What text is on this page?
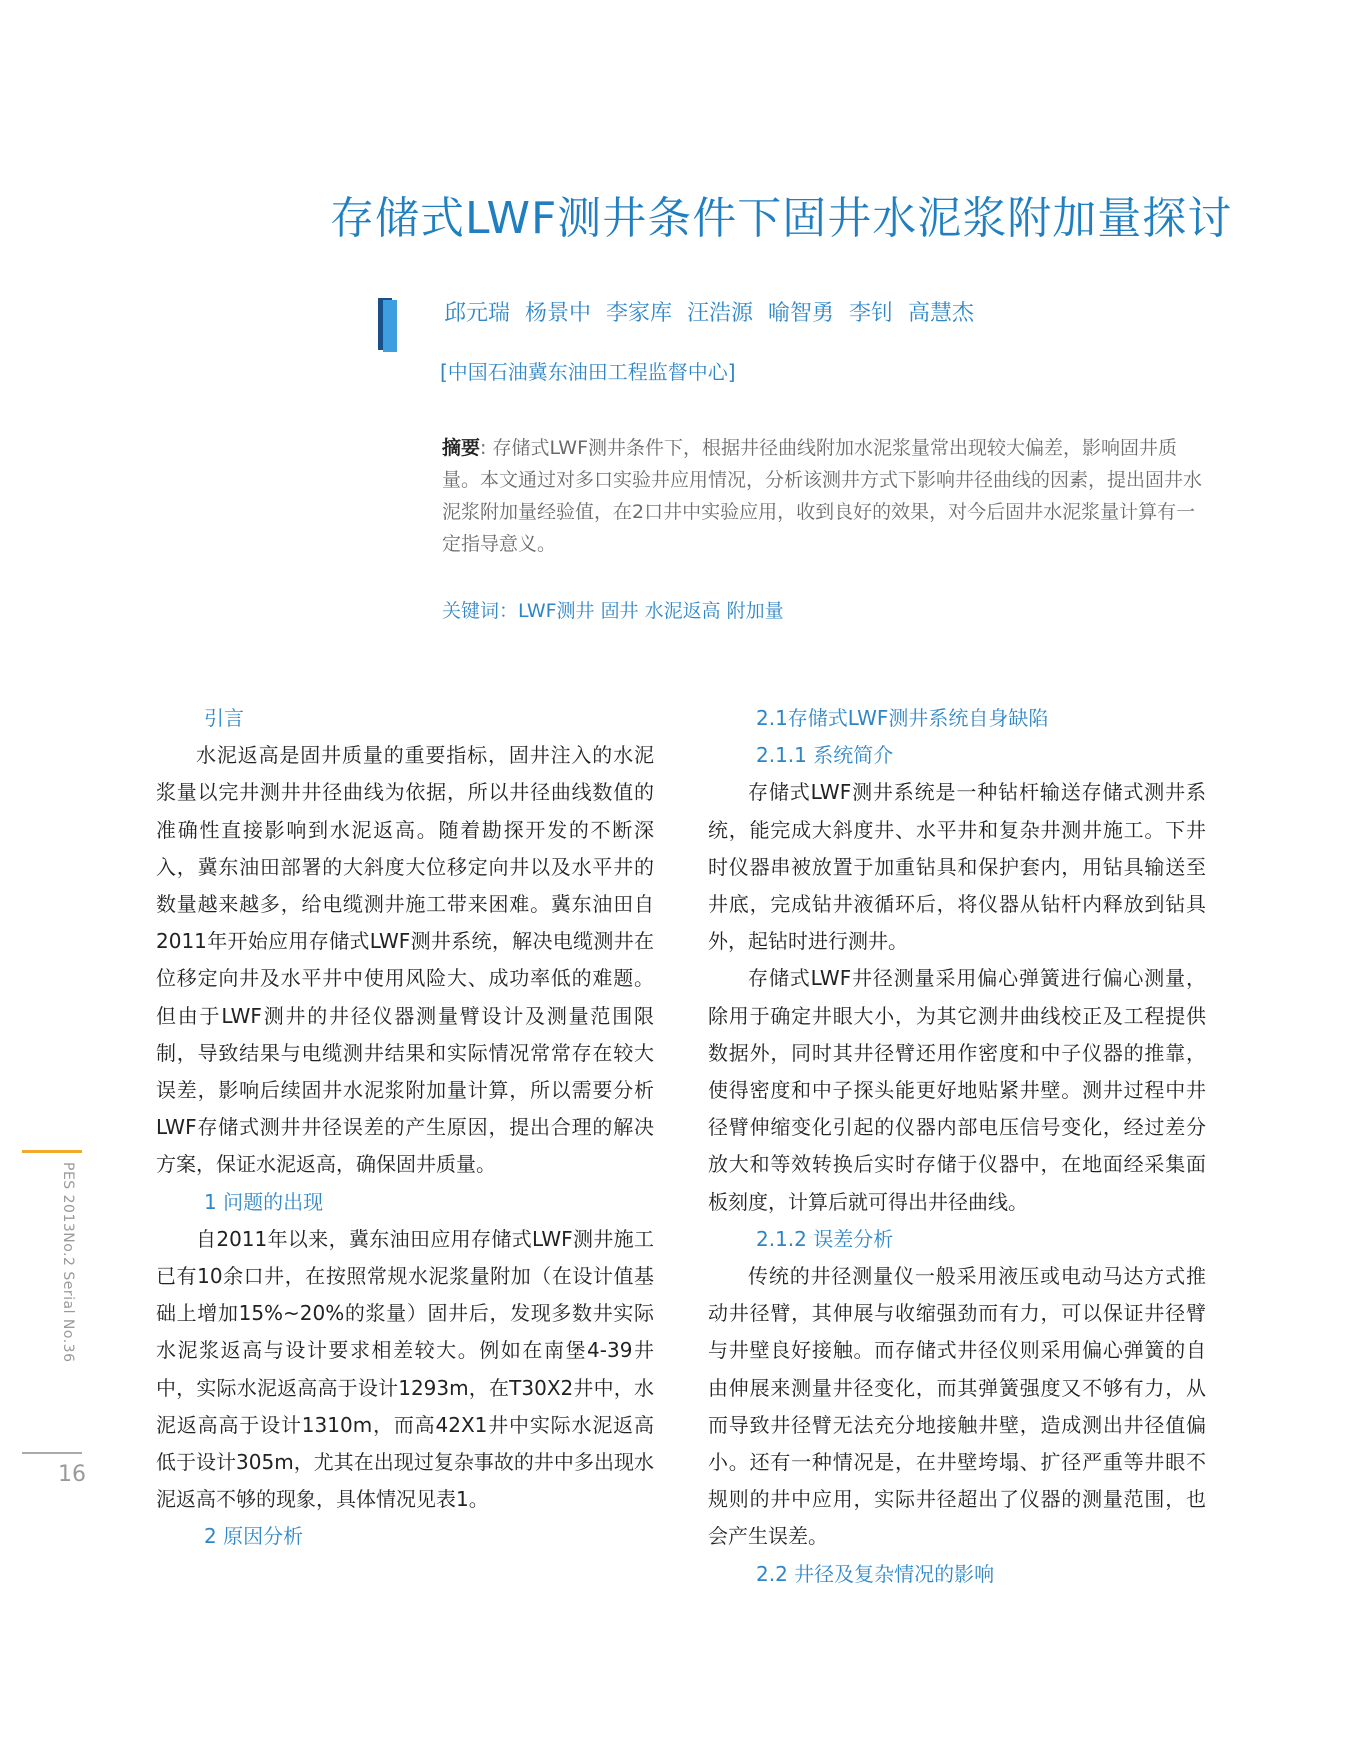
存储式LWF测井条件下固井水泥浆附加量探讨
邱元瑞 杨景中 李家库 汪浩源 喻智勇 李钊 高慧杰
[中国石油冀东油田工程监督中心]
摘要: 存储式LWF测井条件下，根据井径曲线附加水泥浆量常出现较大偏差，影响固井质量。本文通过对多口实验井应用情况，分析该测井方式下影响井径曲线的因素，提出固井水泥浆附加量经验值，在2口井中实验应用，收到良好的效果，对今后固井水泥浆量计算有一定指导意义。
关键词：LWF测井 固井 水泥返高 附加量
引言

水泥返高是固井质量的重要指标，固井注入的水泥浆量以完井测井井径曲线为依据，所以井径曲线数值的准确性直接影响到水泥返高。随着勘探开发的不断深入，冀东油田部署的大斜度大位移定向井以及水平井的数量越来越多，给电缆测井施工带来困难。冀东油田自2011年开始应用存储式LWF测井系统，解决电缆测井在位移定向井及水平井中使用风险大、成功率低的难题。但由于LWF测井的井径仪器测量臂设计及测量范围限制，导致结果与电缆测井结果和实际情况常常存在较大误差，影响后续固井水泥浆附加量计算，所以需要分析LWF存储式测井井径误差的产生原因，提出合理的解决方案，保证水泥返高，确保固井质量。

1 问题的出现

自2011年以来，冀东油田应用存储式LWF测井施工已有10余口井，在按照常规水泥浆量附加（在设计值基础上增加15%~20%的浆量）固井后，发现多数井实际水泥浆返高与设计要求相差较大。例如在南堡4-39井中，实际水泥返高高于设计1293m，在T30X2井中，水泥返高高于设计1310m，而高42X1井中实际水泥返高低于设计305m，尤其在出现过复杂事故的井中多出现水泥返高不够的现象，具体情况见表1。

2 原因分析
2.1存储式LWF测井系统自身缺陷
2.1.1 系统简介

存储式LWF测井系统是一种钻杆输送存储式测井系统，能完成大斜度井、水平井和复杂井测井施工。下井时仪器串被放置于加重钻具和保护套内，用钻具输送至井底，完成钻井液循环后，将仪器从钻杆内释放到钻具外，起钻时进行测井。

存储式LWF井径测量采用偏心弹簧进行偏心测量，除用于确定井眼大小，为其它测井曲线校正及工程提供数据外，同时其井径臂还用作密度和中子仪器的推靠，使得密度和中子探头能更好地贴紧井壁。测井过程中井径臂伸缩变化引起的仪器内部电压信号变化，经过差分放大和等效转换后实时存储于仪器中，在地面经采集面板刻度，计算后就可得出井径曲线。

2.1.2 误差分析

传统的井径测量仪一般采用液压或电动马达方式推动井径臂，其伸展与收缩强劲而有力，可以保证井径臂与井壁良好接触。而存储式井径仪则采用偏心弹簧的自由伸展来测量井径变化，而其弹簧强度又不够有力，从而导致井径臂无法充分地接触井壁，造成测出井径值偏小。还有一种情况是，在井壁垮塌、扩径严重等井眼不规则的井中应用，实际井径超出了仪器的测量范围，也会产生误差。

2.2 井径及复杂情况的影响
PES 2013No.2 Serial No.36
16
